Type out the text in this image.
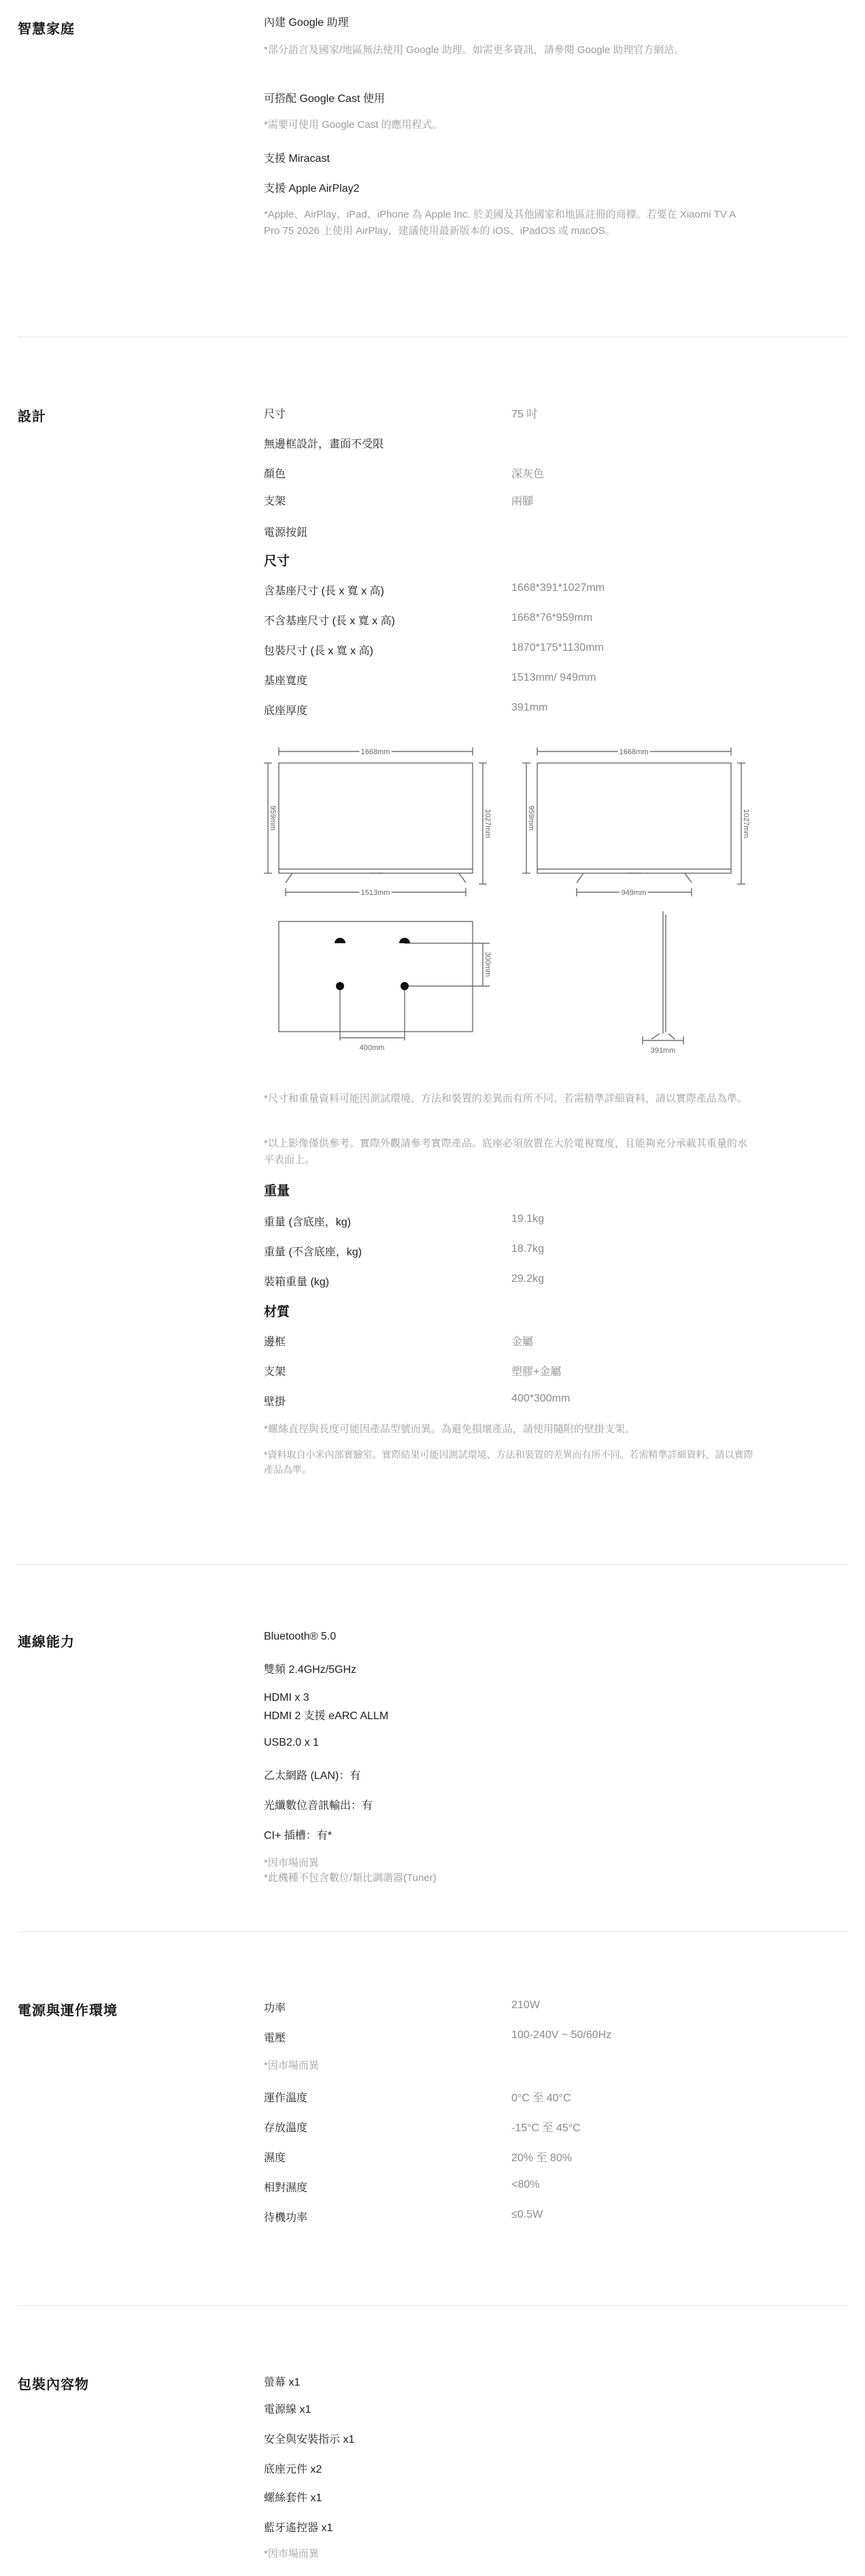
智慧家庭	內建 Google 助理
*部分語言及國家/地區無法使用 Google 助理。如需更多資訊，請參閱 Google 助理官方網站。
可搭配 Google Cast 使用
*需要可使用 Google Cast 的應用程式。
支援 Miracast
支援 Apple AirPlay2
*Apple、AirPlay、iPad、iPhone 為 Apple Inc. 於美國及其他國家和地區註冊的商標。若要在 Xiaomi TV A Pro 75 2026 上使用 AirPlay，建議使用最新版本的 iOS、iPadOS 或 macOS。
設計	尺寸	75 吋
無邊框設計，畫面不受限
顏色	深灰色
支架	兩腳
電源按鈕
尺寸
含基座尺寸 (長 x 寬 x 高)	1668*391*1027mm
不含基座尺寸 (長 x 寬 x 高)	1668*76*959mm
包裝尺寸 (長 x 寬 x 高)	1870*175*1130mm
基座寬度	1513mm/ 949mm
底座厚度	391mm
1668mm	1668mm
1513mm	949mm
959mm	1027mm	959mm	1027mm
400mm
300mm
391mm
*尺寸和重量資料可能因測試環境、方法和裝置的差異而有所不同。若需精準詳細資料，請以實際產品為準。
*以上影像僅供參考。實際外觀請參考實際產品。底座必須放置在大於電視寬度，且能夠充分承載其重量的水平表面上。
重量
重量 (含底座，kg)	19.1kg
重量 (不含底座，kg)	18.7kg
裝箱重量 (kg)	29.2kg
材質
邊框	金屬
支架	塑膠+金屬
壁掛	400*300mm
*螺絲直徑與長度可能因產品型號而異。為避免損壞產品，請使用隨附的壁掛支架。
*資料取自小米內部實驗室。實際結果可能因測試環境、方法和裝置的差異而有所不同。若需精準詳細資料，請以實際產品為準。
連線能力	Bluetooth® 5.0
雙頻 2.4GHz/5GHz
HDMI x 3
HDMI 2 支援 eARC ALLM
USB2.0 x 1
乙太網路 (LAN)：有
光纖數位音訊輸出：有
CI+ 插槽：有*
*因市場而異
*此機種不包含數位/類比調諧器(Tuner)
電源與運作環境	功率	210W
電壓	100-240V ~ 50/60Hz
*因市場而異
運作溫度	0°C 至 40°C
存放溫度	-15°C 至 45°C
濕度	20% 至 80%
相對濕度	<80%
待機功率	≤0.5W
包裝內容物	螢幕 x1
電源線 x1
安全與安裝指示 x1
底座元件 x2
螺絲套件 x1
藍牙遙控器 x1
*因市場而異
